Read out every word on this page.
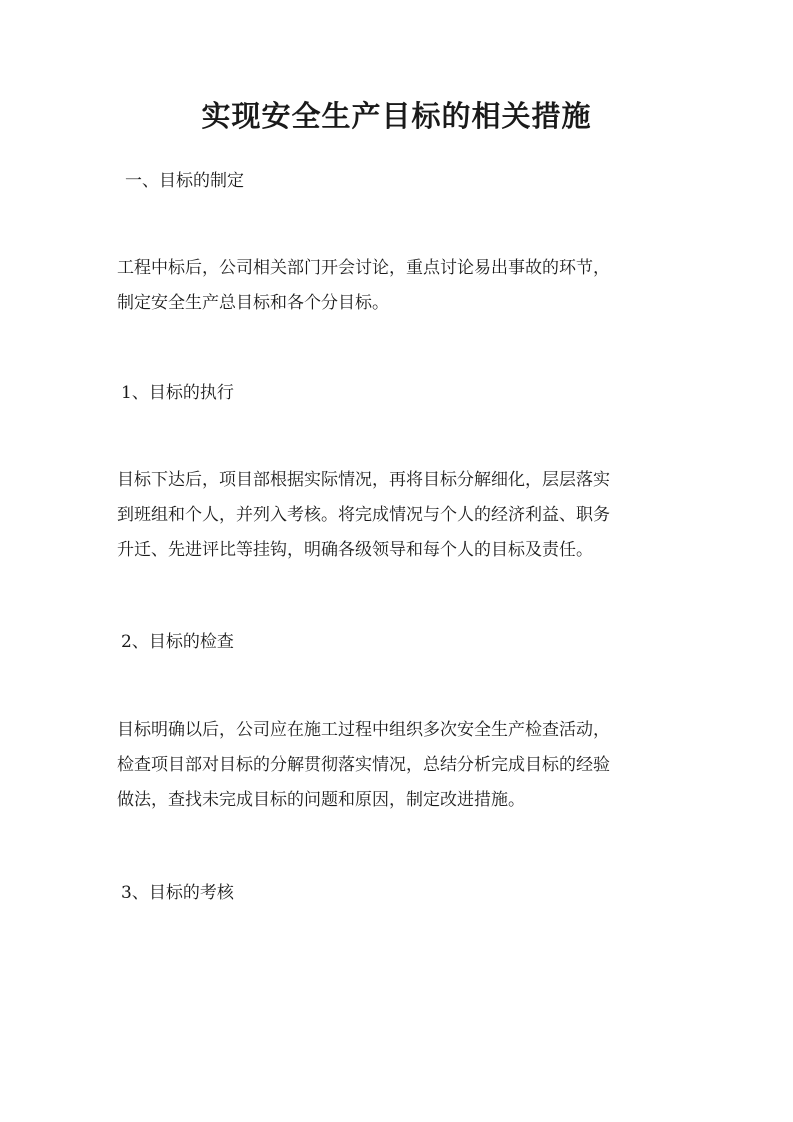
实现安全生产目标的相关措施
一、目标的制定

工程中标后，公司相关部门开会讨论，重点讨论易出事故的环节，
制定安全生产总目标和各个分目标。

1、目标的执行

目标下达后，项目部根据实际情况，再将目标分解细化，层层落实
到班组和个人，并列入考核。将完成情况与个人的经济利益、职务
升迁、先进评比等挂钩，明确各级领导和每个人的目标及责任。

2、目标的检查

目标明确以后，公司应在施工过程中组织多次安全生产检查活动，
检查项目部对目标的分解贯彻落实情况，总结分析完成目标的经验
做法，查找未完成目标的问题和原因，制定改进措施。

3、目标的考核
